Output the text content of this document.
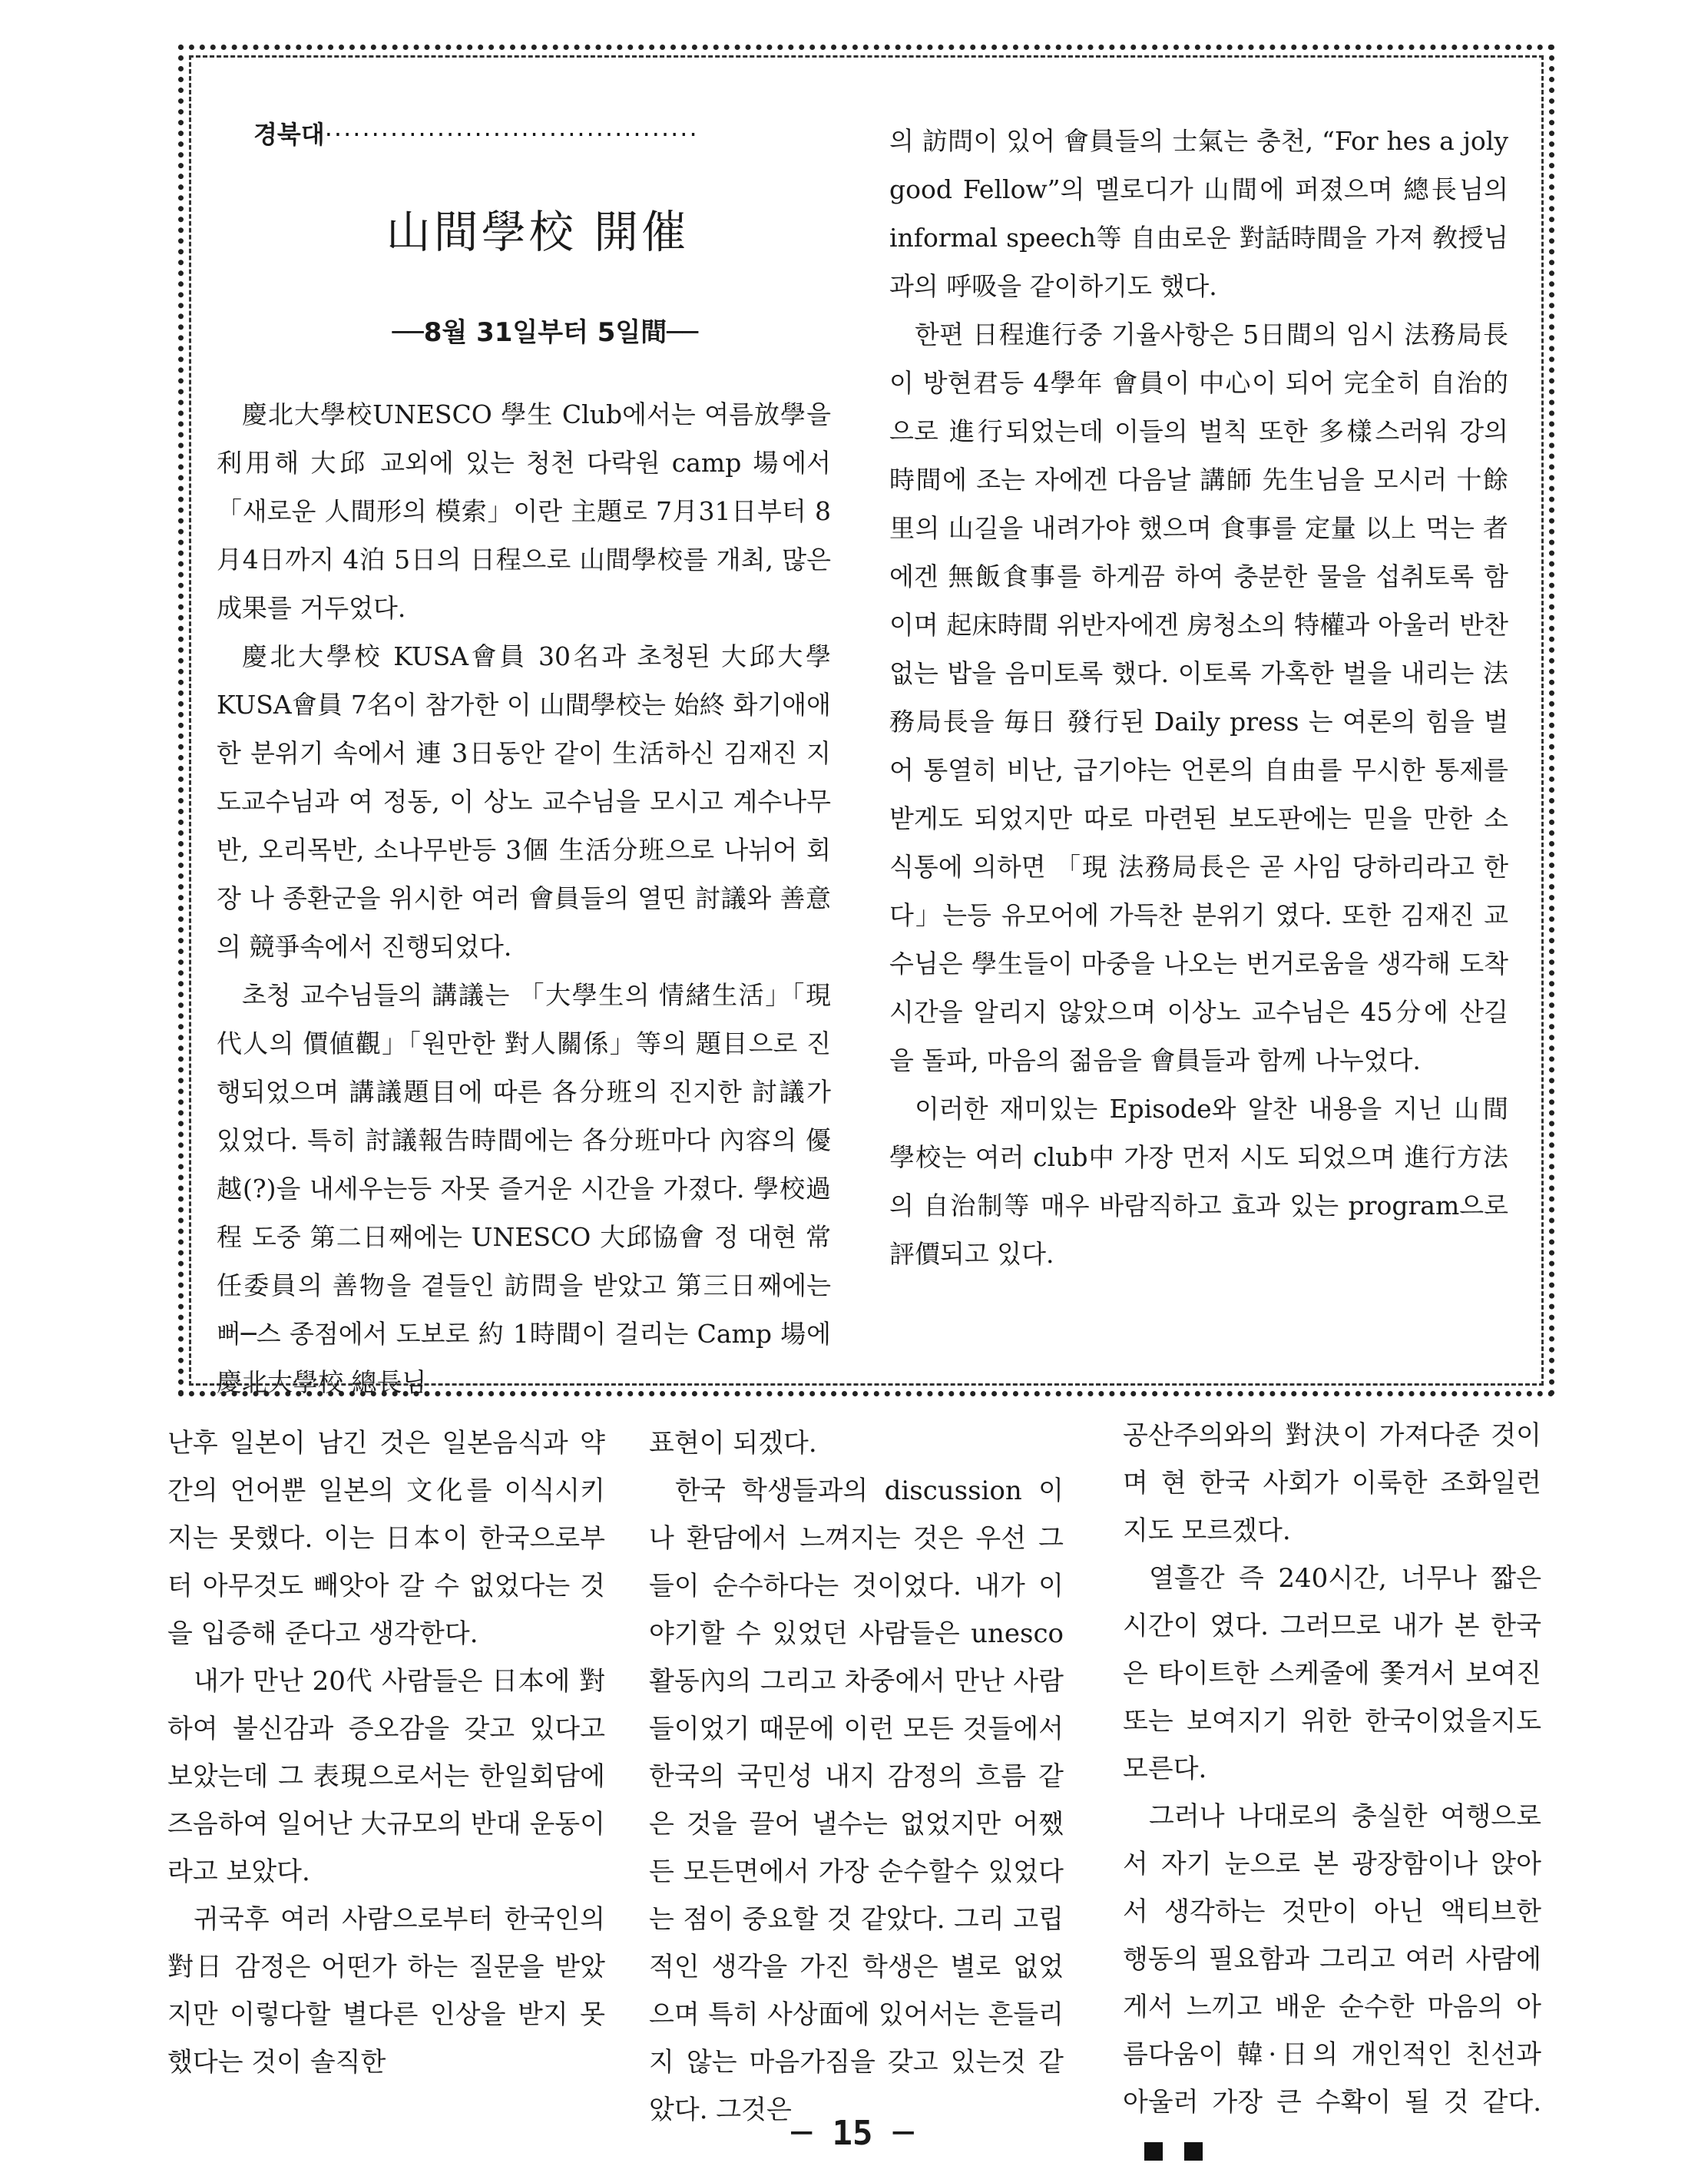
경북대········································
山間學校 開催
──8월 31일부터 5일間──

慶北大學校UNESCO 學生 Club에서는 여름放學을 利用해 大邱 교외에 있는 청천 다락원 camp 場에서 「새로운 人間形의 模索」이란 主題로 7月31日부터 8月4日까지 4泊 5日의 日程으로 山間學校를 개최, 많은 成果를 거두었다.

慶北大學校 KUSA會員 30名과 초청된 大邱大學 KUSA會員 7名이 참가한 이 山間學校는 始終 화기애애한 분위기 속에서 連 3日동안 같이 生活하신 김재진 지도교수님과 여 정동, 이 상노 교수님을 모시고 계수나무반, 오리목반, 소나무반등 3個 生活分班으로 나뉘어 회장 나 종환군을 위시한 여러 會員들의 열띤 討議와 善意의 競爭속에서 진행되었다.

초청 교수님들의 講議는 「大學生의 情緒生活」「現代人의 價値觀」「원만한 對人關係」等의 題目으로 진행되었으며 講議題目에 따른 各分班의 진지한 討議가 있었다. 특히 討議報告時間에는 各分班마다 內容의 優越(?)을 내세우는등 자못 즐거운 시간을 가졌다. 學校過程 도중 第二日째에는 UNESCO 大邱協會 정 대현 常任委員의 善物을 곁들인 訪問을 받았고 第三日째에는 뻐─스 종점에서 도보로 約 1時間이 걸리는 Camp 場에 慶北大學校 總長님

의 訪問이 있어 會員들의 士氣는 충천, “For hes a joly good Fellow”의 멜로디가 山間에 퍼졌으며 總長님의 informal speech等 自由로운 對話時間을 가져 敎授님과의 呼吸을 같이하기도 했다.

한편 日程進行중 기율사항은 5日間의 임시 法務局長 이 방현君등 4學年 會員이 中心이 되어 完全히 自治的으로 進行되었는데 이들의 벌칙 또한 多樣스러워 강의 時間에 조는 자에겐 다음날 講師 先生님을 모시러 十餘里의 山길을 내려가야 했으며 食事를 定量 以上 먹는 者에겐 無飯食事를 하게끔 하여 충분한 물을 섭취토록 함이며 起床時間 위반자에겐 房청소의 特權과 아울러 반찬 없는 밥을 음미토록 했다. 이토록 가혹한 벌을 내리는 法務局長을 毎日 發行된 Daily press 는 여론의 힘을 벌어 통열히 비난, 급기야는 언론의 自由를 무시한 통제를 받게도 되었지만 따로 마련된 보도판에는 믿을 만한 소식통에 의하면 「現 法務局長은 곧 사임 당하리라고 한다」는등 유모어에 가득찬 분위기 였다. 또한 김재진 교수님은 學生들이 마중을 나오는 번거로움을 생각해 도착시간을 알리지 않았으며 이상노 교수님은 45分에 산길을 돌파, 마음의 젊음을 會員들과 함께 나누었다.

이러한 재미있는 Episode와 알찬 내용을 지닌 山間學校는 여러 club中 가장 먼저 시도 되었으며 進行方法의 自治制等 매우 바람직하고 효과 있는 program으로 評價되고 있다.

난후 일본이 남긴 것은 일본음식과 약간의 언어뿐 일본의 文化를 이식시키지는 못했다. 이는 日本이 한국으로부터 아무것도 빼앗아 갈 수 없었다는 것을 입증해 준다고 생각한다.

내가 만난 20代 사람들은 日本에 對하여 불신감과 증오감을 갖고 있다고 보았는데 그 表現으로서는 한일회담에 즈음하여 일어난 大규모의 반대 운동이라고 보았다.

귀국후 여러 사람으로부터 한국인의 對日 감정은 어떤가 하는 질문을 받았지만 이렇다할 별다른 인상을 받지 못했다는 것이 솔직한

표현이 되겠다.

한국 학생들과의 discussion 이나 환담에서 느껴지는 것은 우선 그들이 순수하다는 것이었다. 내가 이야기할 수 있었던 사람들은 unesco 활동內의 그리고 차중에서 만난 사람들이었기 때문에 이런 모든 것들에서 한국의 국민성 내지 감정의 흐름 같은 것을 끌어 낼수는 없었지만 어쨌든 모든면에서 가장 순수할수 있었다는 점이 중요할 것 같았다. 그리 고립적인 생각을 가진 학생은 별로 없었으며 특히 사상面에 있어서는 흔들리지 않는 마음가짐을 갖고 있는것 같았다. 그것은

공산주의와의 對決이 가져다준 것이며 현 한국 사회가 이룩한 조화일런지도 모르겠다.

열흘간 즉 240시간, 너무나 짧은 시간이 였다. 그러므로 내가 본 한국은 타이트한 스케줄에 쫓겨서 보여진 또는 보여지기 위한 한국이었을지도 모른다.

그러나 나대로의 충실한 여행으로서 자기 눈으로 본 광장함이나 앉아서 생각하는 것만이 아닌 액티브한 행동의 필요함과 그리고 여러 사람에게서 느끼고 배운 순수한 마음의 아름다움이 韓·日의 개인적인 친선과 아울러 가장 큰 수확이 될 것 같다.

─ 15 ─
